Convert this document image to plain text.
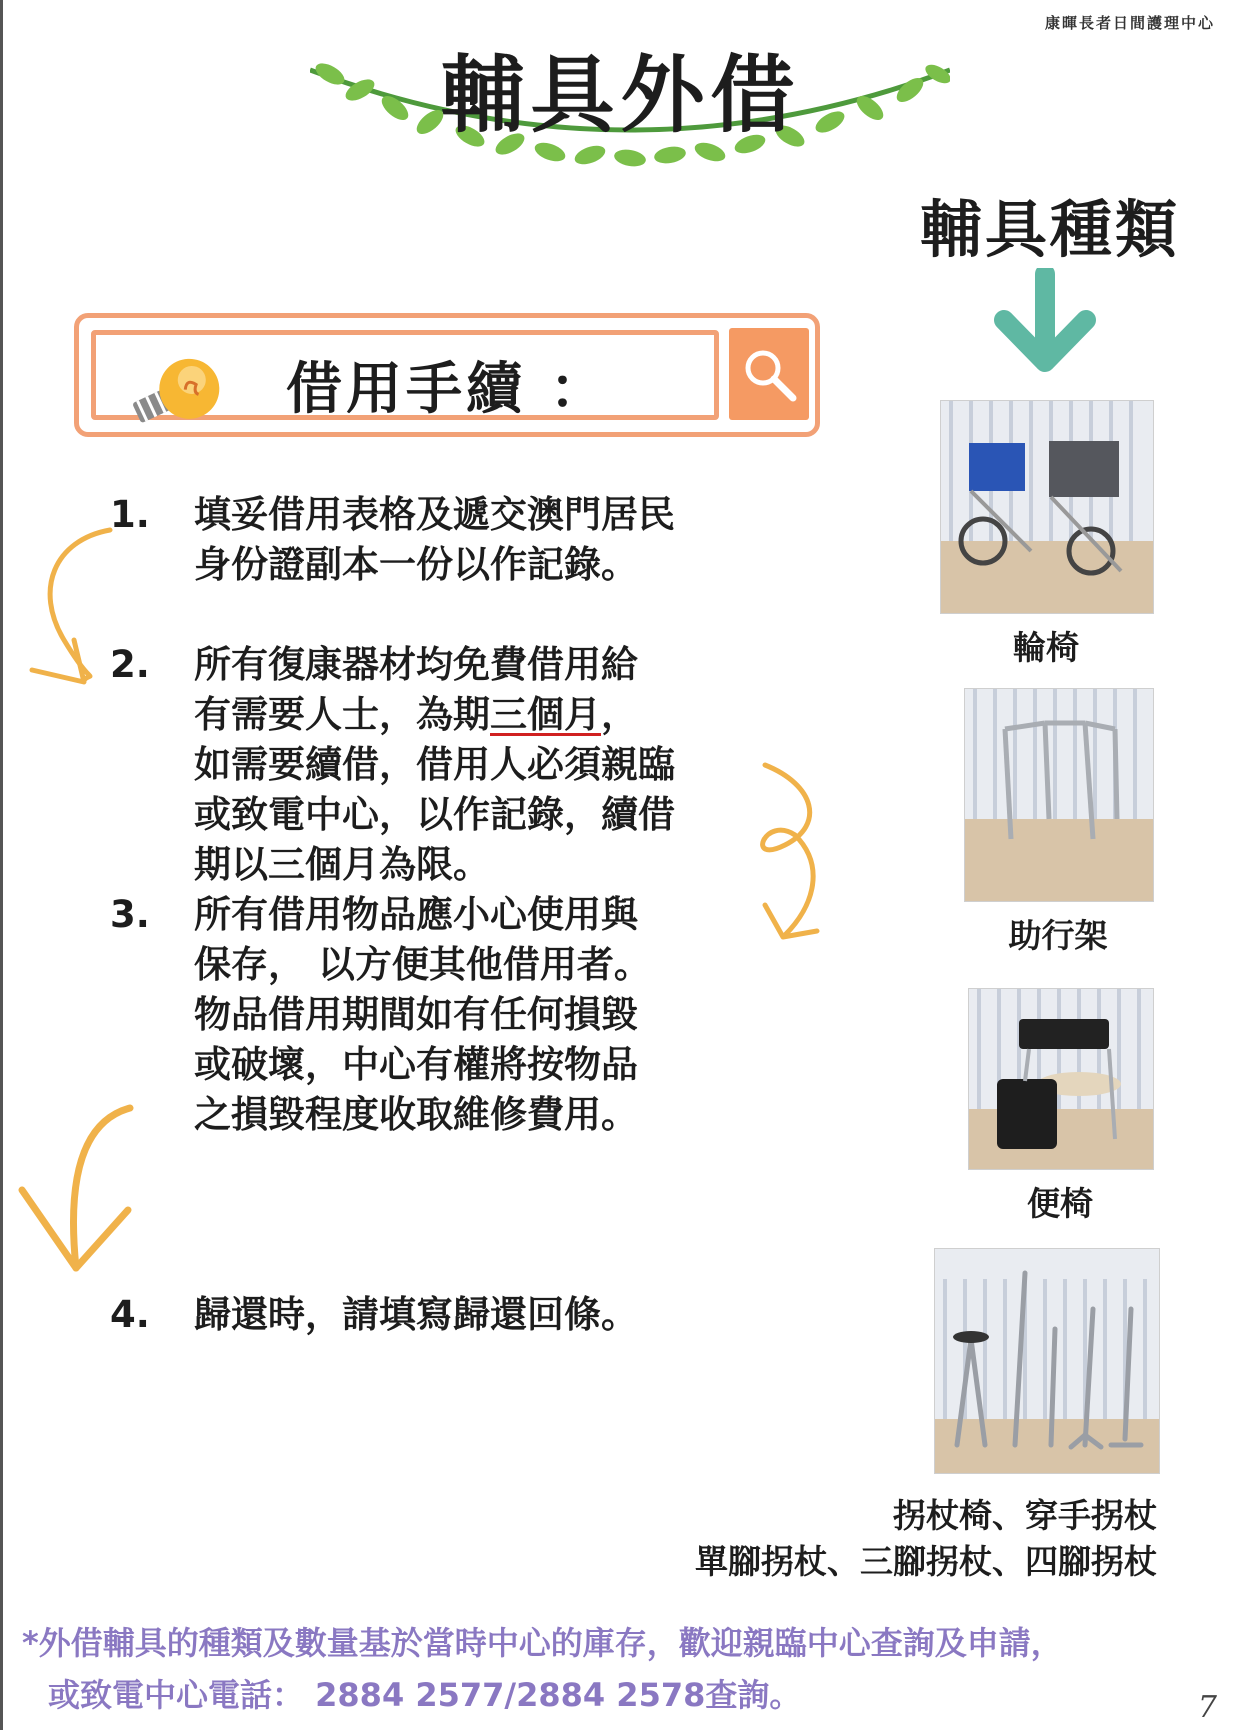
康暉長者日間護理中心
輔具外借
輔具種類
借用手續 ：
1.	填妥借用表格及遞交澳門居民
身份證副本一份以作記錄。
2.	所有復康器材均免費借用給
有需要人士，為期三個月，
如需要續借，借用人必須親臨
或致電中心，以作記錄，續借
期以三個月為限。
3.	所有借用物品應小心使用與
保存， 以方便其他借用者。
物品借用期間如有任何損毀
或破壞，中心有權將按物品
之損毀程度收取維修費用。
4.	歸還時，請填寫歸還回條。
輪椅
助行架
便椅
拐杖椅、穿手拐杖
單腳拐杖、三腳拐杖、四腳拐杖
*外借輔具的種類及數量基於當時中心的庫存，歡迎親臨中心查詢及申請，
或致電中心電話： 2884 2577/2884 2578查詢。	7
